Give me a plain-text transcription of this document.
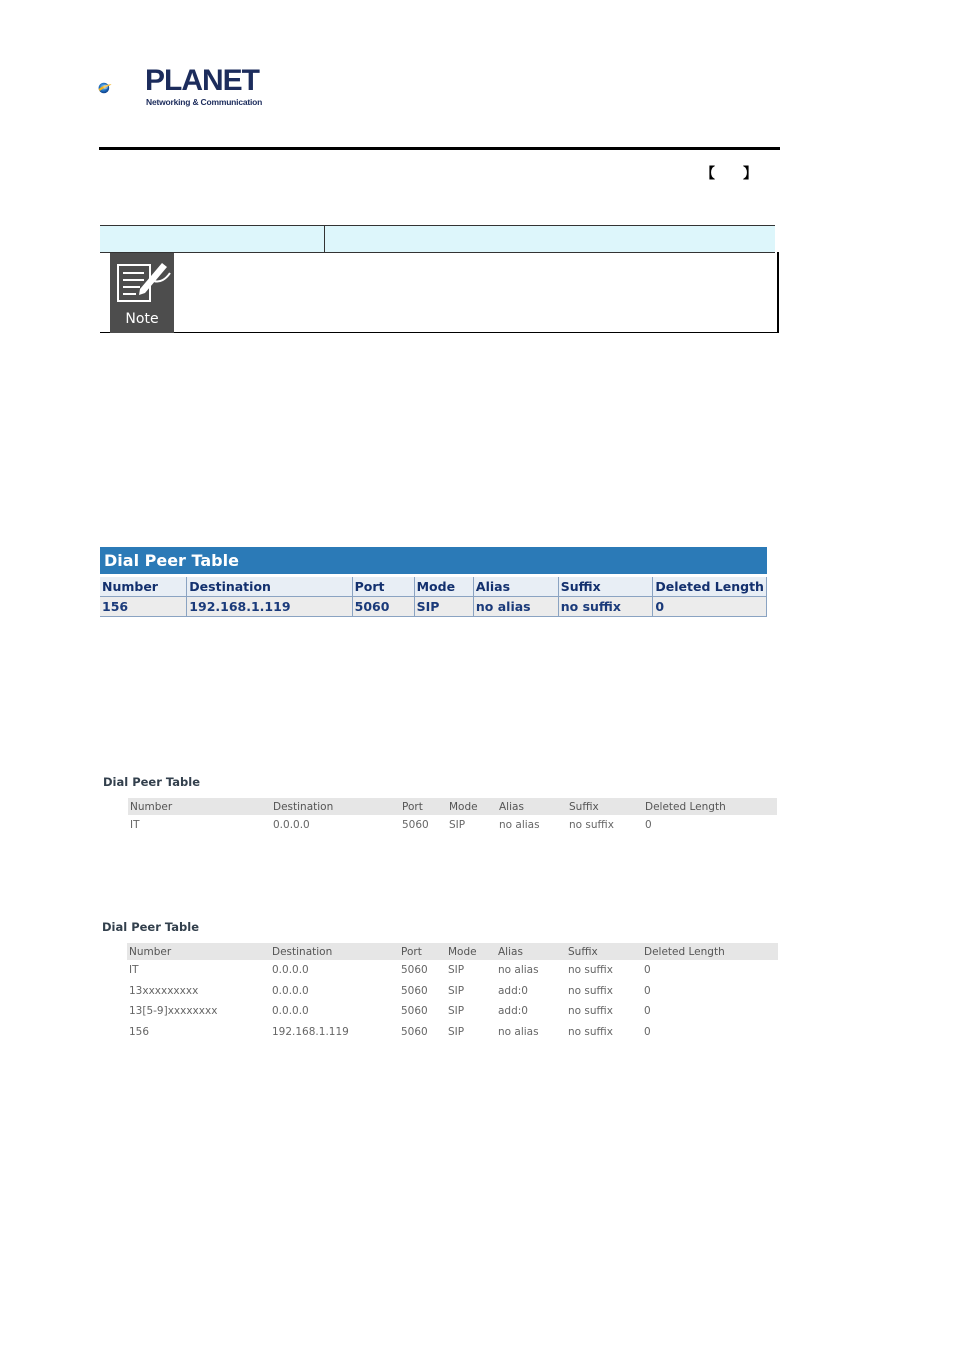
PLANET
Networking & Communication
【 】
Note
Dial Peer Table
Number	Destination	Port	Mode	Alias	Suffix	Deleted Length
156	192.168.1.119	5060	SIP	no alias	no suffix	0
Dial Peer Table
Number	Destination	Port	Mode	Alias	Suffix	Deleted Length
IT	0.0.0.0	5060	SIP	no alias	no suffix	0
Dial Peer Table
Number	Destination	Port	Mode	Alias	Suffix	Deleted Length
IT	0.0.0.0	5060	SIP	no alias	no suffix	0
13xxxxxxxxx	0.0.0.0	5060	SIP	add:0	no suffix	0
13[5-9]xxxxxxxx	0.0.0.0	5060	SIP	add:0	no suffix	0
156	192.168.1.119	5060	SIP	no alias	no suffix	0
